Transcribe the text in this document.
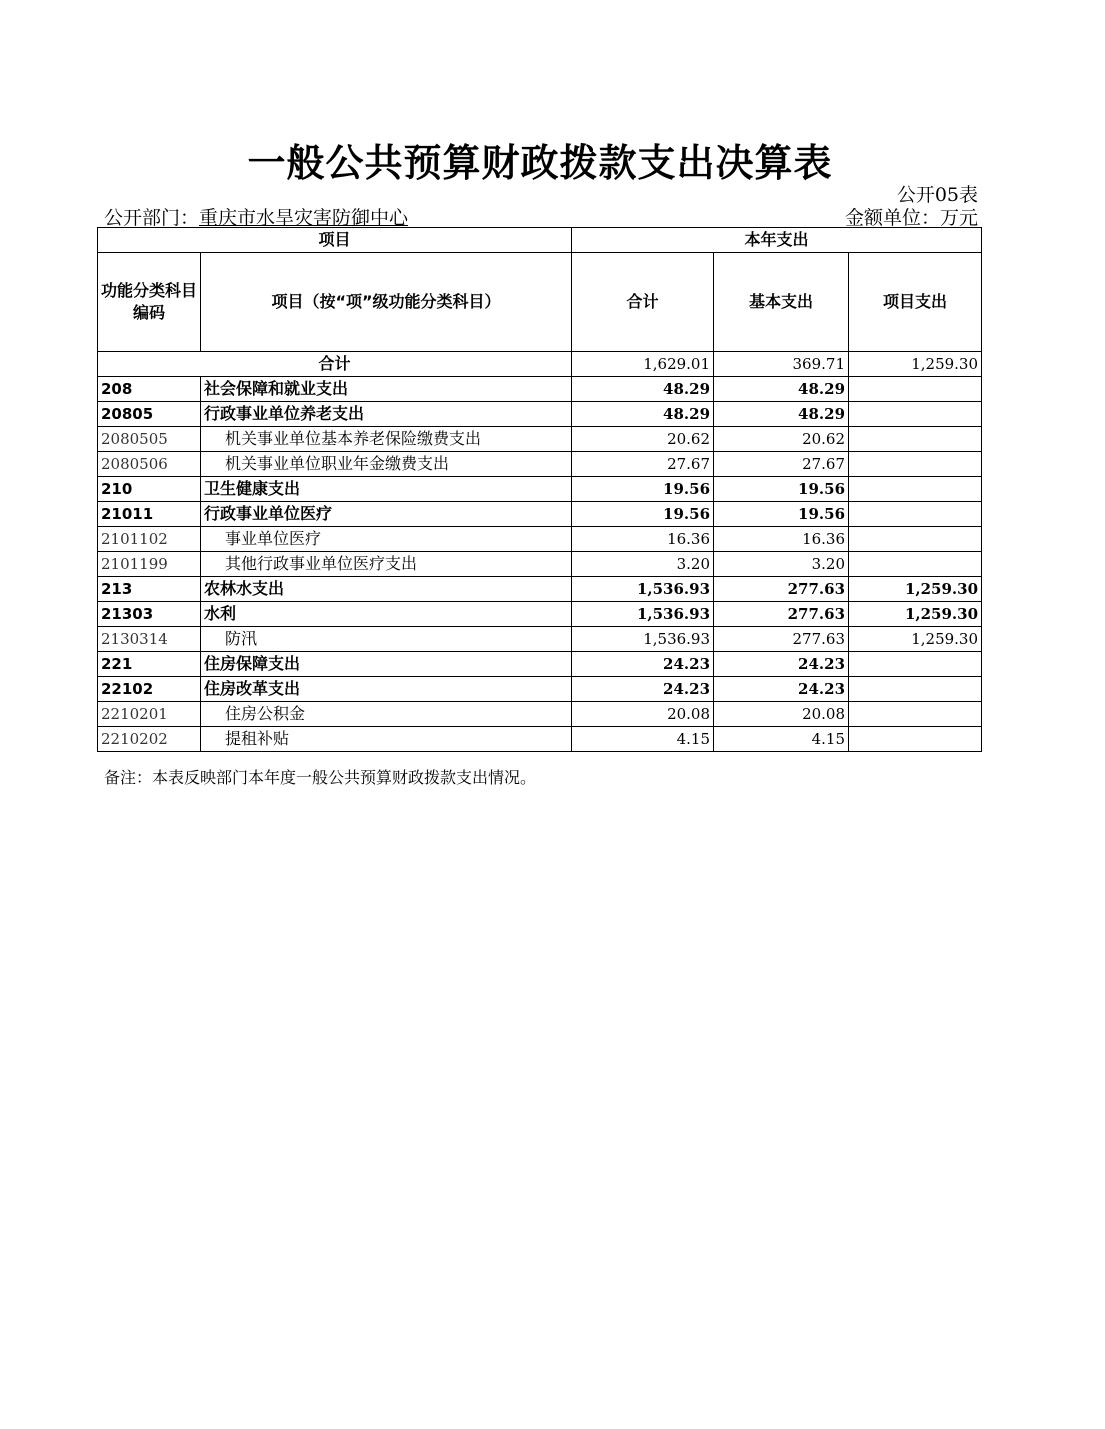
一般公共预算财政拨款支出决算表
公开05表
公开部门：重庆市水旱灾害防御中心	金额单位：万元
项目		本年支出		
功能分类科目编码	项目（按“项”级功能分类科目）	合计	基本支出	项目支出
合计		1,629.01	369.71	1,259.30
208	社会保障和就业支出	48.29	48.29	
20805	行政事业单位养老支出	48.29	48.29	
2080505	机关事业单位基本养老保险缴费支出	20.62	20.62	
2080506	机关事业单位职业年金缴费支出	27.67	27.67	
210	卫生健康支出	19.56	19.56	
21011	行政事业单位医疗	19.56	19.56	
2101102	事业单位医疗	16.36	16.36	
2101199	其他行政事业单位医疗支出	3.20	3.20	
213	农林水支出	1,536.93	277.63	1,259.30
21303	水利	1,536.93	277.63	1,259.30
2130314	防汛	1,536.93	277.63	1,259.30
221	住房保障支出	24.23	24.23	
22102	住房改革支出	24.23	24.23	
2210201	住房公积金	20.08	20.08	
2210202	提租补贴	4.15	4.15	
备注：本表反映部门本年度一般公共预算财政拨款支出情况。
